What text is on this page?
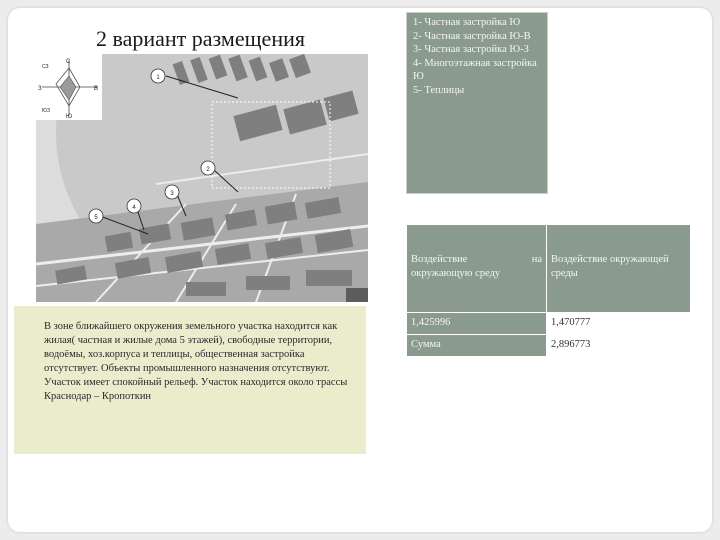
2 вариант размещения
С
З	В
Ю
СЗ
ЮЗ
1
2
3
4
5

1- Частная застройка Ю

2- Частная застройка Ю-В

3- Частная застройка Ю-З

4- Многоэтажная застройка Ю

5- Теплицы

В зоне ближайшего окружения земельного участка находится как жилая( частная и жилые дома 5 этажей), свободные территории, водоёмы, хоз.корпуса и теплицы, общественная застройка отсутствует. Объекты промышленного назначения отсутствуют. Участок имеет спокойный рельеф. Участок находится около трассы Краснодар – Кропоткин

Воздействие на
окружающую среду	Воздействие окружающей среды
1,425996	1,470777
Сумма	2,896773
